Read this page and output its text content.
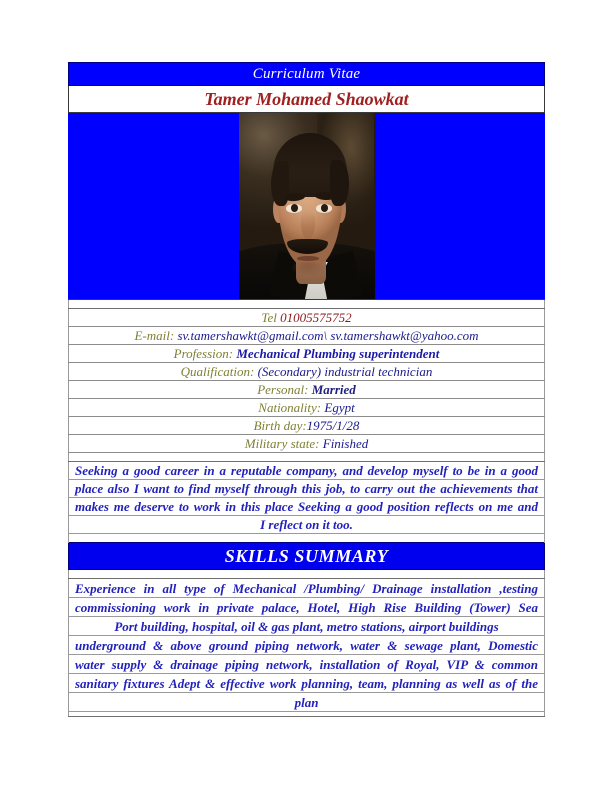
Curriculum Vitae
Tamer Mohamed Shaowkat

Tel 01005575752
E-mail: sv.tamershawkt@gmail.com\ sv.tamershawkt@yahoo.com
Profession: Mechanical Plumbing superintendent
Qualification: (Secondary) industrial technician
Personal: Married
Nationality: Egypt
Birth day:1975/1/28
Military state: Finished

Seeking a good career in a reputable company, and develop myself to be in a good
place also I want to find myself through this job, to carry out the achievements that
makes me deserve to work in this place Seeking a good position reflects on me and
I reflect on it too.

SKILLS SUMMARY

Experience in all type of Mechanical /Plumbing/ Drainage installation ,testing
commissioning work in private palace, Hotel, High Rise Building (Tower) Sea
Port building, hospital, oil & gas plant, metro stations, airport buildings
underground & above ground piping network, water & sewage plant, Domestic
water supply & drainage piping network, installation of Royal, VIP & common
sanitary fixtures Adept & effective work planning, team, planning as well as of the
plan
